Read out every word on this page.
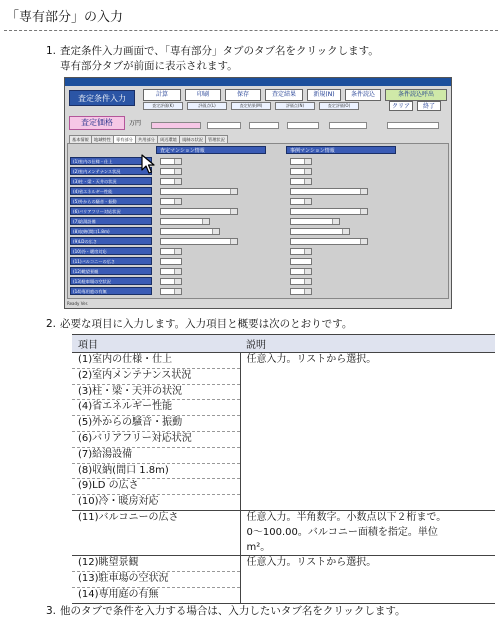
「専有部分」の入力
1. 査定条件入力画面で、「専有部分」タブのタブ名をクリックします。
専有部分タブが前面に表示されます。
査定条件入力	計算	印刷	保存	査定結果	新規(N)	条件読込	条件読込呼出
査定評価(K)	評価点(L)	査定結果(M)	評価点(N)	査定評価(O)	クリア	終了
査定価格	万円
基本情報	地域特性	専有部分	共用部分	周辺環境	規制の状況	管理状況
査定マンション情報	事例マンション情報
(1)室内の仕様・仕上
(2)室内メンテナンス状況
(3)柱・梁・天井の状況
(4)省エネルギー性能
(5)外からの騒音・振動
(6)バリアフリー対応状況
(7)給湯設備
(8)収納(間口1.8m)
(9)LDの広さ
(10)冷・暖房対応
(11)バルコニーの広さ
(12)眺望景観
(13)駐車場の空状況
(14)専用庭の有無
Ready Ver.
2. 必要な項目に入力します。入力項目と概要は次のとおりです。
項目	説明
(1)室内の仕様・仕上	任意入力。リストから選択。
(2)室内メンテナンス状況	
(3)柱・梁・天井の状況	
(4)省エネルギー性能	
(5)外からの騒音・振動	
(6)バリアフリー対応状況	
(7)給湯設備	
(8)収納(間口 1.8m)	
(9)LD の広さ	
(10)冷・暖房対応	
(11)バルコニーの広さ	任意入力。半角数字。小数点以下２桁まで。
0～100.00。バルコニー面積を指定。単位
m²。

(12)眺望景観	任意入力。リストから選択。
(13)駐車場の空状況	
(14)専用庭の有無	
3. 他のタブで条件を入力する場合は、入力したいタブ名をクリックします。
